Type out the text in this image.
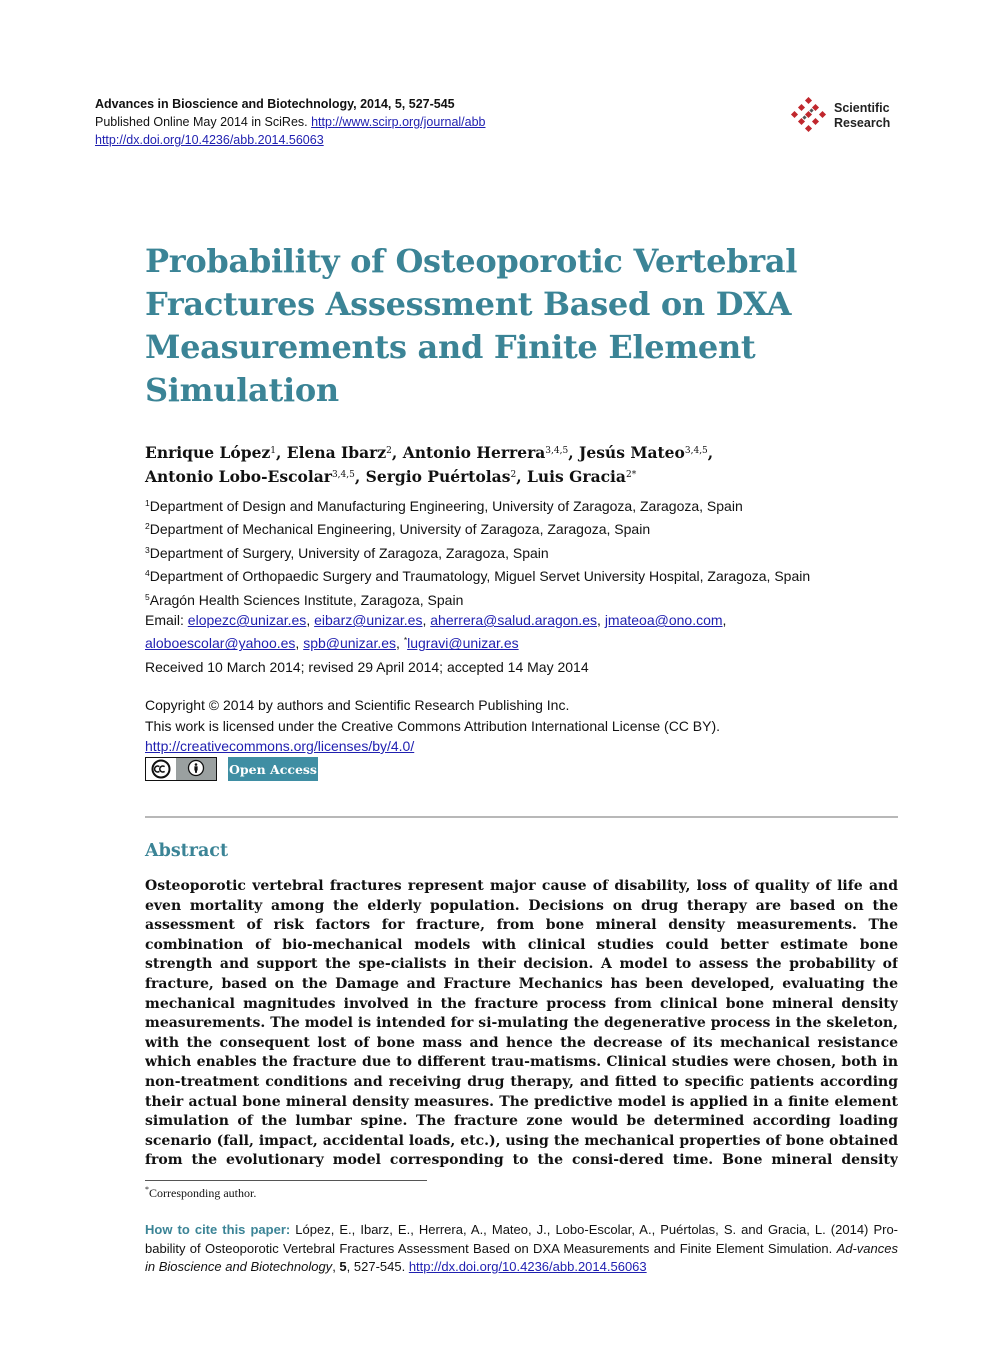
Advances in Bioscience and Biotechnology, 2014, 5, 527-545
Published Online May 2014 in SciRes. http://www.scirp.org/journal/abb
http://dx.doi.org/10.4236/abb.2014.56063
Scientific
Research
Probability of Osteoporotic Vertebral Fractures Assessment Based on DXA Measurements and Finite Element Simulation
Enrique López$^1$, Elena Ibarz$^2$, Antonio Herrera$^{3,4,5}$, Jesús Mateo$^{3,4,5}$,
Antonio Lobo-Escolar$^{3,4,5}$, Sergio Puértolas$^2$, Luis Gracia$^{2*}$
$^1$Department of Design and Manufacturing Engineering, University of Zaragoza, Zaragoza, Spain
$^2$Department of Mechanical Engineering, University of Zaragoza, Zaragoza, Spain
$^3$Department of Surgery, University of Zaragoza, Zaragoza, Spain
$^4$Department of Orthopaedic Surgery and Traumatology, Miguel Servet University Hospital, Zaragoza, Spain
$^5$Aragón Health Sciences Institute, Zaragoza, Spain
Email: elopezc@unizar.es, eibarz@unizar.es, aherrera@salud.aragon.es, jmateoa@ono.com,
aloboescolar@yahoo.es, spb@unizar.es, *lugravi@unizar.es
Received 10 March 2014; revised 29 April 2014; accepted 14 May 2014
Copyright © 2014 by authors and Scientific Research Publishing Inc.
This work is licensed under the Creative Commons Attribution International License (CC BY).
http://creativecommons.org/licenses/by/4.0/
Open Access
Abstract
Osteoporotic vertebral fractures represent major cause of disability, loss of quality of life and even mortality among the elderly population. Decisions on drug therapy are based on the assessment of risk factors for fracture, from bone mineral density measurements. The combination of bio-mechanical models with clinical studies could better estimate bone strength and support the spe-cialists in their decision. A model to assess the probability of fracture, based on the Damage and Fracture Mechanics has been developed, evaluating the mechanical magnitudes involved in the fracture process from clinical bone mineral density measurements. The model is intended for si-mulating the degenerative process in the skeleton, with the consequent lost of bone mass and hence the decrease of its mechanical resistance which enables the fracture due to different trau-matisms. Clinical studies were chosen, both in non-treatment conditions and receiving drug therapy, and fitted to specific patients according their actual bone mineral density measures. The predictive model is applied in a finite element simulation of the lumbar spine. The fracture zone would be determined according loading scenario (fall, impact, accidental loads, etc.), using the mechanical properties of bone obtained from the evolutionary model corresponding to the consi-dered time. Bone mineral density
*Corresponding author.
How to cite this paper: López, E., Ibarz, E., Herrera, A., Mateo, J., Lobo-Escolar, A., Puértolas, S. and Gracia, L. (2014) Pro-bability of Osteoporotic Vertebral Fractures Assessment Based on DXA Measurements and Finite Element Simulation. Ad-vances in Bioscience and Biotechnology, 5, 527-545. http://dx.doi.org/10.4236/abb.2014.56063
